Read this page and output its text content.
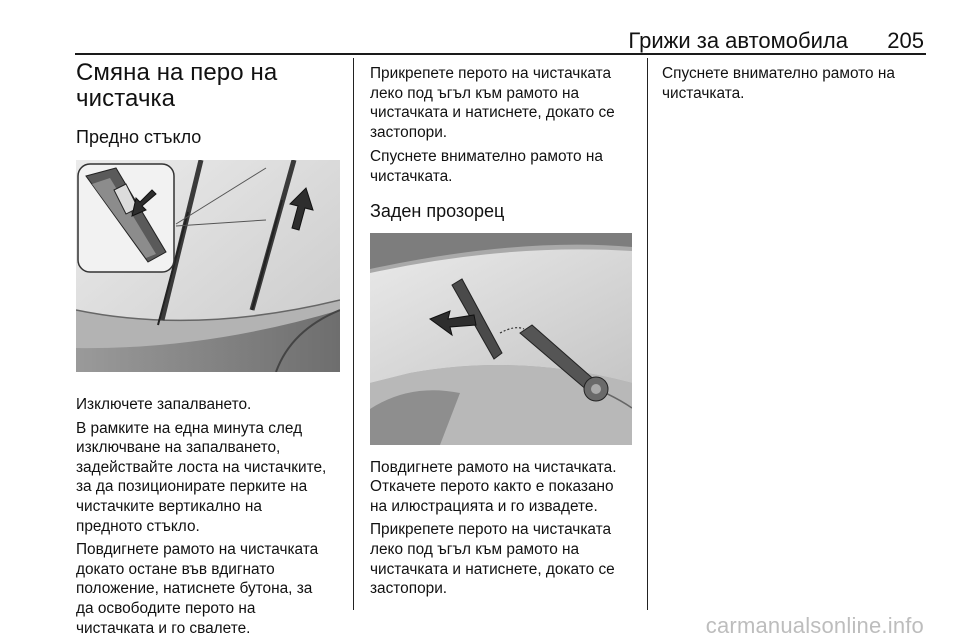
Грижи за автомобила 205
Смяна на перо на
чистачка
Предно стъкло

Изключете запалването.

В рамките на една минута след
изключване на запалването,
задействайте лоста на чистачките,
за да позиционирате перките на
чистачките вертикално на
предното стъкло.

Повдигнете рамото на чистачката
докато остане във вдигнато
положение, натиснете бутона, за
да освободите перото на
чистачката и го свалете.

Прикрепете перото на чистачката
леко под ъгъл към рамото на
чистачката и натиснете, докато се
застопори.

Спуснете внимателно рамото на
чистачката.

Заден прозорец

Повдигнете рамото на чистачката.
Откачете перото както е показано
на илюстрацията и го извадете.

Прикрепете перото на чистачката
леко под ъгъл към рамото на
чистачката и натиснете, докато се
застопори.

Спуснете внимателно рамото на
чистачката.

carmanualsonline.info
